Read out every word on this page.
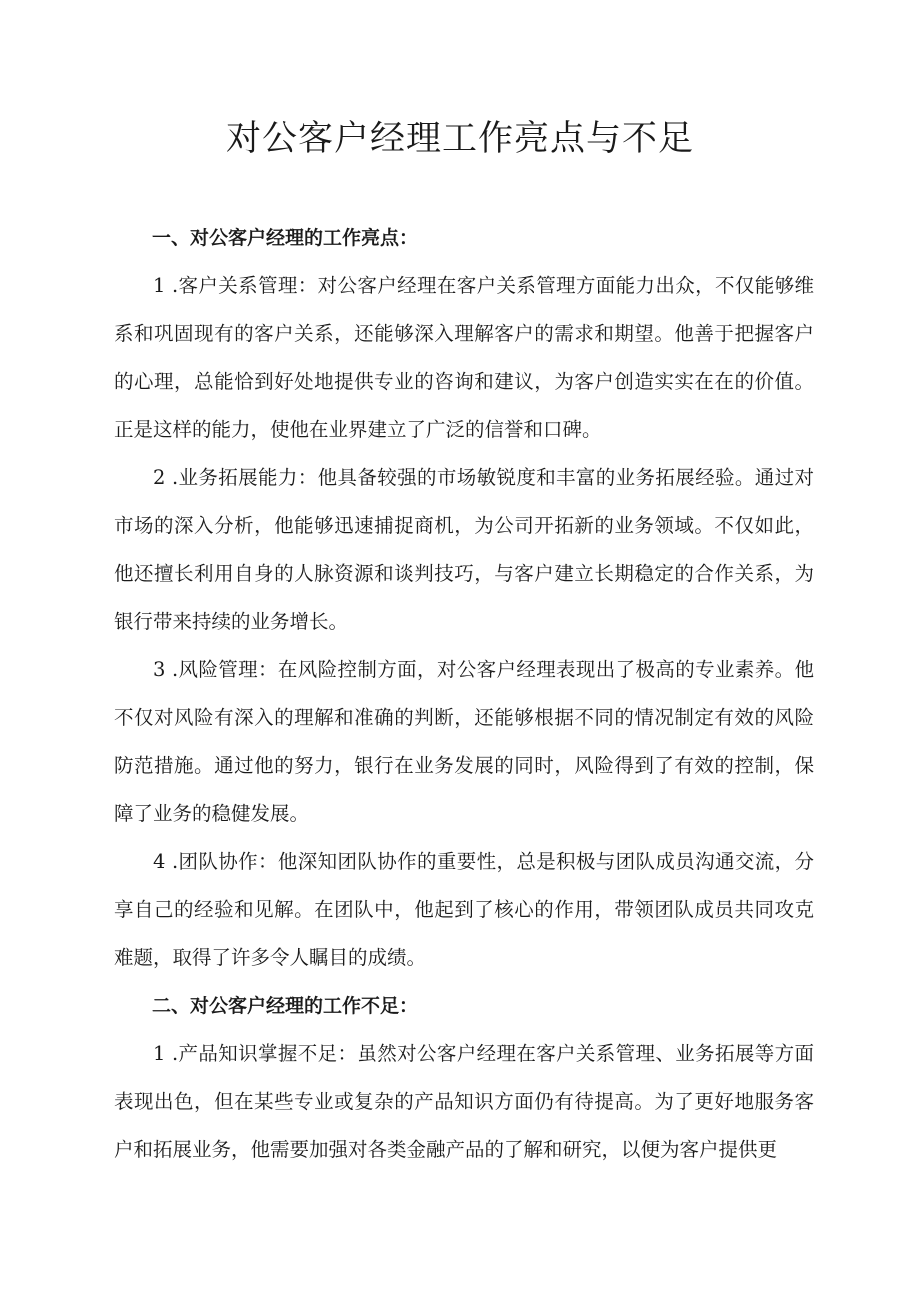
对公客户经理工作亮点与不足

一、对公客户经理的工作亮点：

1 .客户关系管理：对公客户经理在客户关系管理方面能力出众，不仅能够维系和巩固现有的客户关系，还能够深入理解客户的需求和期望。他善于把握客户的心理，总能恰到好处地提供专业的咨询和建议，为客户创造实实在在的价值。正是这样的能力，使他在业界建立了广泛的信誉和口碑。

2 .业务拓展能力：他具备较强的市场敏锐度和丰富的业务拓展经验。通过对市场的深入分析，他能够迅速捕捉商机，为公司开拓新的业务领域。不仅如此，他还擅长利用自身的人脉资源和谈判技巧，与客户建立长期稳定的合作关系，为银行带来持续的业务增长。

3 .风险管理：在风险控制方面，对公客户经理表现出了极高的专业素养。他不仅对风险有深入的理解和准确的判断，还能够根据不同的情况制定有效的风险防范措施。通过他的努力，银行在业务发展的同时，风险得到了有效的控制，保障了业务的稳健发展。

4 .团队协作：他深知团队协作的重要性，总是积极与团队成员沟通交流，分享自己的经验和见解。在团队中，他起到了核心的作用，带领团队成员共同攻克难题，取得了许多令人瞩目的成绩。

二、对公客户经理的工作不足：

1 .产品知识掌握不足：虽然对公客户经理在客户关系管理、业务拓展等方面表现出色，但在某些专业或复杂的产品知识方面仍有待提高。为了更好地服务客户和拓展业务，他需要加强对各类金融产品的了解和研究，以便为客户提供更
